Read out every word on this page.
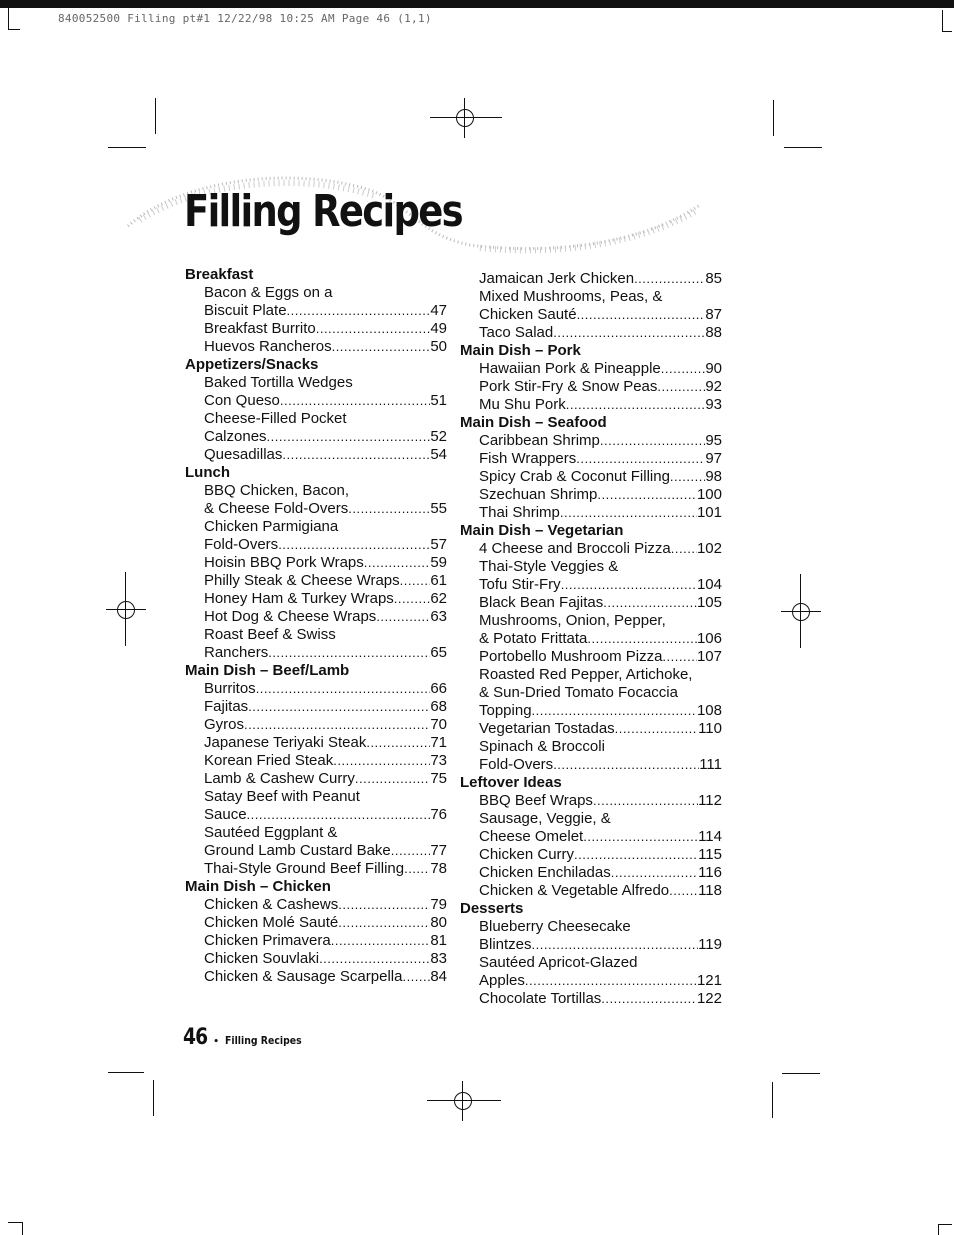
840052500 Filling pt#1 12/22/98 10:25 AM Page 46 (1,1)
Filling Recipes
Breakfast
Bacon & Eggs on a
Biscuit Plate .....	47
Breakfast Burrito .....	49
Huevos Rancheros .....	50
Appetizers/Snacks
Baked Tortilla Wedges
Con Queso .....	51
Cheese-Filled Pocket
Calzones .....	52
Quesadillas .....	54
Lunch
BBQ Chicken, Bacon,
& Cheese Fold-Overs .....	55
Chicken Parmigiana
Fold-Overs .....	57
Hoisin BBQ Pork Wraps .....	59
Philly Steak & Cheese Wraps ..... 61
Honey Ham & Turkey Wraps ..... 62
Hot Dog & Cheese Wraps .....	63
Roast Beef & Swiss
Ranchers .....	65
Main Dish – Beef/Lamb
Burritos .....	66
Fajitas .....	68
Gyros .....	70
Japanese Teriyaki Steak .....	71
Korean Fried Steak .....	73
Lamb & Cashew Curry .....	75
Satay Beef with Peanut
Sauce .....	76
Sautéed Eggplant &
Ground Lamb Custard Bake .....	77
Thai-Style Ground Beef Filling ..... 78
Main Dish – Chicken
Chicken & Cashews .....	79
Chicken Molé Sauté .....	80
Chicken Primavera .....	81
Chicken Souvlaki .....	83
Chicken & Sausage Scarpella ..... 84
Jamaican Jerk Chicken .....	85
Mixed Mushrooms, Peas, &
Chicken Sauté .....	87
Taco Salad .....	88
Main Dish – Pork
Hawaiian Pork & Pineapple .....	90
Pork Stir-Fry & Snow Peas .....	92
Mu Shu Pork .....	93
Main Dish – Seafood
Caribbean Shrimp .....	95
Fish Wrappers .....	97
Spicy Crab & Coconut Filling ..... 98
Szechuan Shrimp .....	100
Thai Shrimp .....	101
Main Dish – Vegetarian
4 Cheese and Broccoli Pizza ..... 102
Thai-Style Veggies &
Tofu Stir-Fry .....	104
Black Bean Fajitas .....	105
Mushrooms, Onion, Pepper,
& Potato Frittata .....	106
Portobello Mushroom Pizza ..... 107
Roasted Red Pepper, Artichoke,
& Sun-Dried Tomato Focaccia
Topping .....	108
Vegetarian Tostadas .....	110
Spinach & Broccoli
Fold-Overs .....	111
Leftover Ideas
BBQ Beef Wraps .....	112
Sausage, Veggie, &
Cheese Omelet .....	114
Chicken Curry .....	115
Chicken Enchiladas .....	116
Chicken & Vegetable Alfredo ..... 118
Desserts
Blueberry Cheesecake
Blintzes .....	119
Sautéed Apricot-Glazed
Apples .....	121
Chocolate Tortillas .....	122
46 • Filling Recipes
